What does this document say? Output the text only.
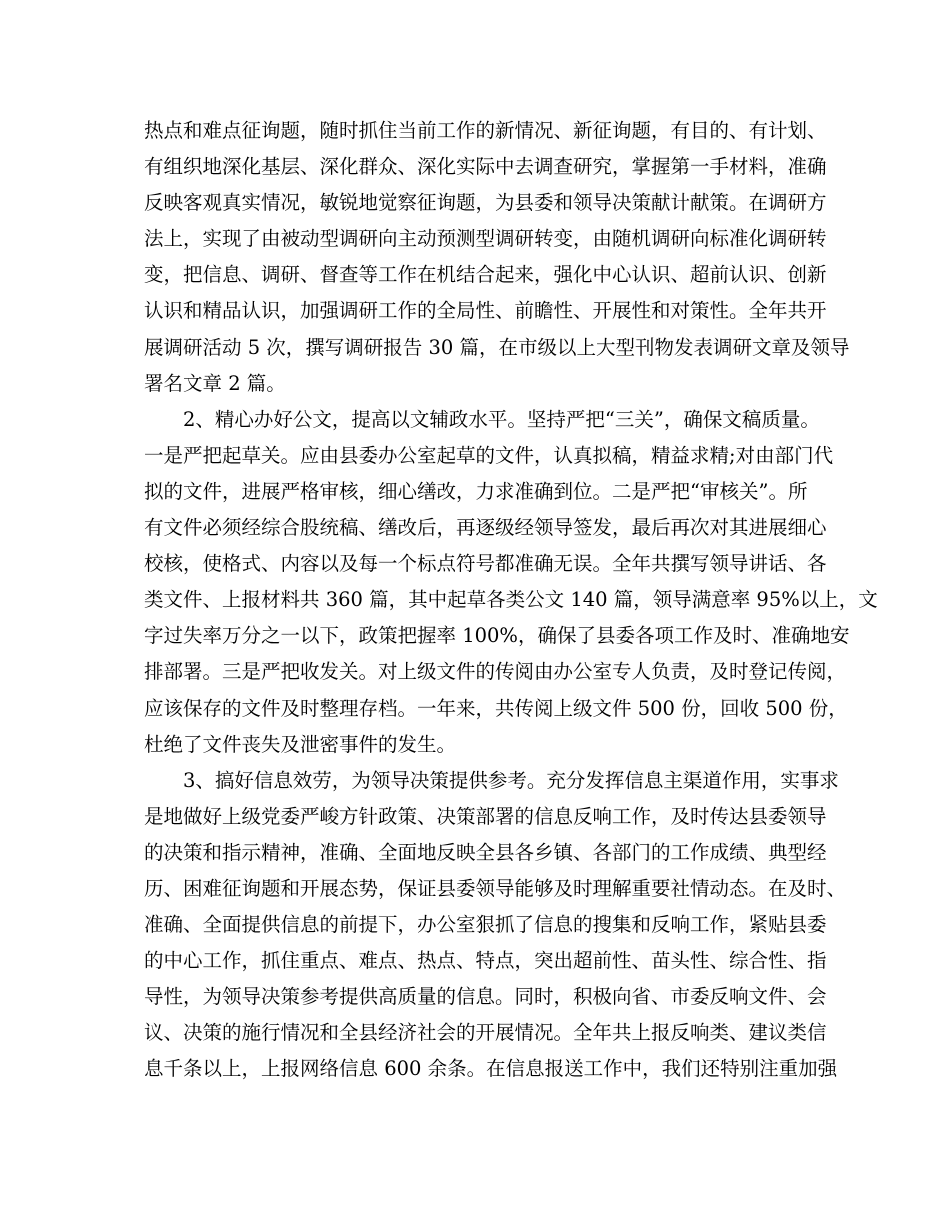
热点和难点征询题，随时抓住当前工作的新情况、新征询题，有目的、有计划、
有组织地深化基层、深化群众、深化实际中去调查研究，掌握第一手材料，准确
反映客观真实情况，敏锐地觉察征询题，为县委和领导决策献计献策。在调研方
法上，实现了由被动型调研向主动预测型调研转变，由随机调研向标准化调研转
变，把信息、调研、督查等工作在机结合起来，强化中心认识、超前认识、创新
认识和精品认识，加强调研工作的全局性、前瞻性、开展性和对策性。全年共开
展调研活动 5 次，撰写调研报告 30 篇，在市级以上大型刊物发表调研文章及领导
署名文章 2 篇。
　　2、精心办好公文，提高以文辅政水平。坚持严把“三关”，确保文稿质量。
一是严把起草关。应由县委办公室起草的文件，认真拟稿，精益求精;对由部门代
拟的文件，进展严格审核，细心缮改，力求准确到位。二是严把“审核关”。所
有文件必须经综合股统稿、缮改后，再逐级经领导签发，最后再次对其进展细心
校核，使格式、内容以及每一个标点符号都准确无误。全年共撰写领导讲话、各
类文件、上报材料共 360 篇，其中起草各类公文 140 篇，领导满意率 95%以上，文
字过失率万分之一以下，政策把握率 100%，确保了县委各项工作及时、准确地安
排部署。三是严把收发关。对上级文件的传阅由办公室专人负责，及时登记传阅，
应该保存的文件及时整理存档。一年来，共传阅上级文件 500 份，回收 500 份，
杜绝了文件丧失及泄密事件的发生。
　　3、搞好信息效劳，为领导决策提供参考。充分发挥信息主渠道作用，实事求
是地做好上级党委严峻方针政策、决策部署的信息反响工作，及时传达县委领导
的决策和指示精神，准确、全面地反映全县各乡镇、各部门的工作成绩、典型经
历、困难征询题和开展态势，保证县委领导能够及时理解重要社情动态。在及时、
准确、全面提供信息的前提下，办公室狠抓了信息的搜集和反响工作，紧贴县委
的中心工作，抓住重点、难点、热点、特点，突出超前性、苗头性、综合性、指
导性，为领导决策参考提供高质量的信息。同时，积极向省、市委反响文件、会
议、决策的施行情况和全县经济社会的开展情况。全年共上报反响类、建议类信
息千条以上，上报网络信息 600 余条。在信息报送工作中，我们还特别注重加强
